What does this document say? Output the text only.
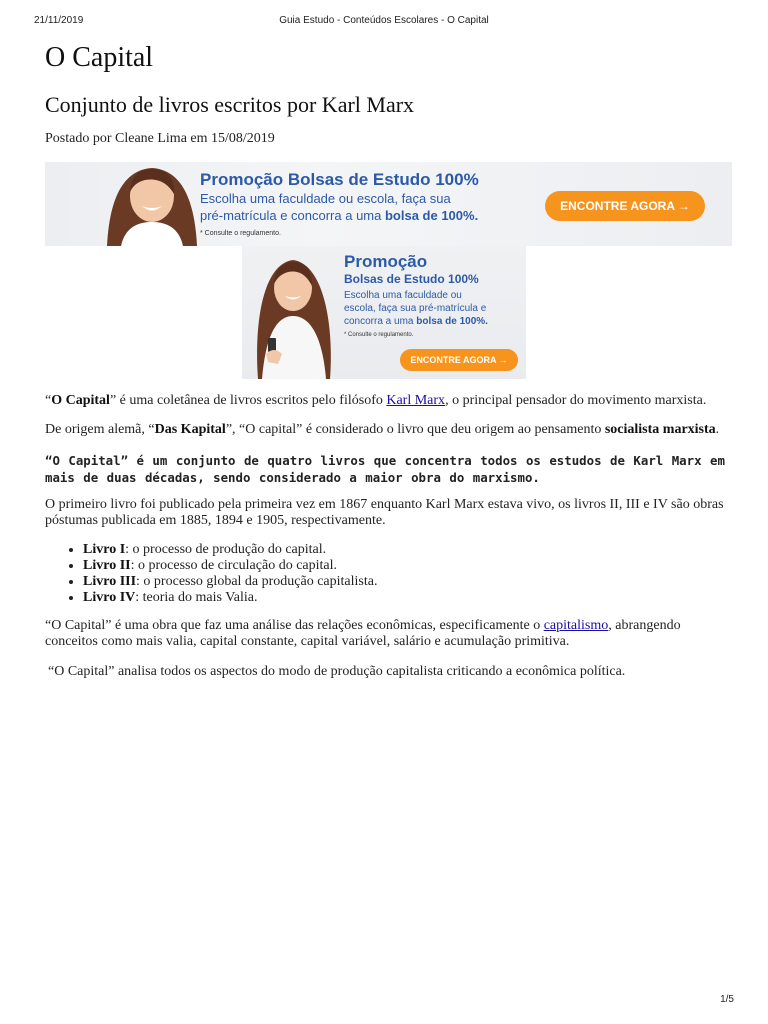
21/11/2019	Guia Estudo - Conteúdos Escolares - O Capital
O Capital
Conjunto de livros escritos por Karl Marx

Postado por Cleane Lima em 15/08/2019

Promoção Bolsas de Estudo 100%
Escolha uma faculdade ou escola, faça sua
pré-matrícula e concorra a uma bolsa de 100%.
* Consulte o regulamento.
ENCONTRE AGORA →
Promoção
Bolsas de Estudo 100%
Escolha uma faculdade ou
escola, faça sua pré-matrícula e
concorra a uma bolsa de 100%.
* Consulte o regulamento.
ENCONTRE AGORA →

“O Capital” é uma coletânea de livros escritos pelo filósofo Karl Marx, o principal pensador do movimento marxista.

De origem alemã, “Das Kapital”, “O capital” é considerado o livro que deu origem ao pensamento socialista marxista.

“O Capital” é um conjunto de quatro livros que concentra todos os estudos de Karl Marx em mais de duas décadas, sendo considerado a maior obra do marxismo.

O primeiro livro foi publicado pela primeira vez em 1867 enquanto Karl Marx estava vivo, os livros II, III e IV são obras póstumas publicada em 1885, 1894 e 1905, respectivamente.

• Livro I: o processo de produção do capital.
• Livro II: o processo de circulação do capital.
• Livro III: o processo global da produção capitalista.
• Livro IV: teoria do mais Valia.

“O Capital” é uma obra que faz uma análise das relações econômicas, especificamente o capitalismo, abrangendo conceitos como mais valia, capital constante, capital variável, salário e acumulação primitiva.

“O Capital” analisa todos os aspectos do modo de produção capitalista criticando a econômica política.

1/5
